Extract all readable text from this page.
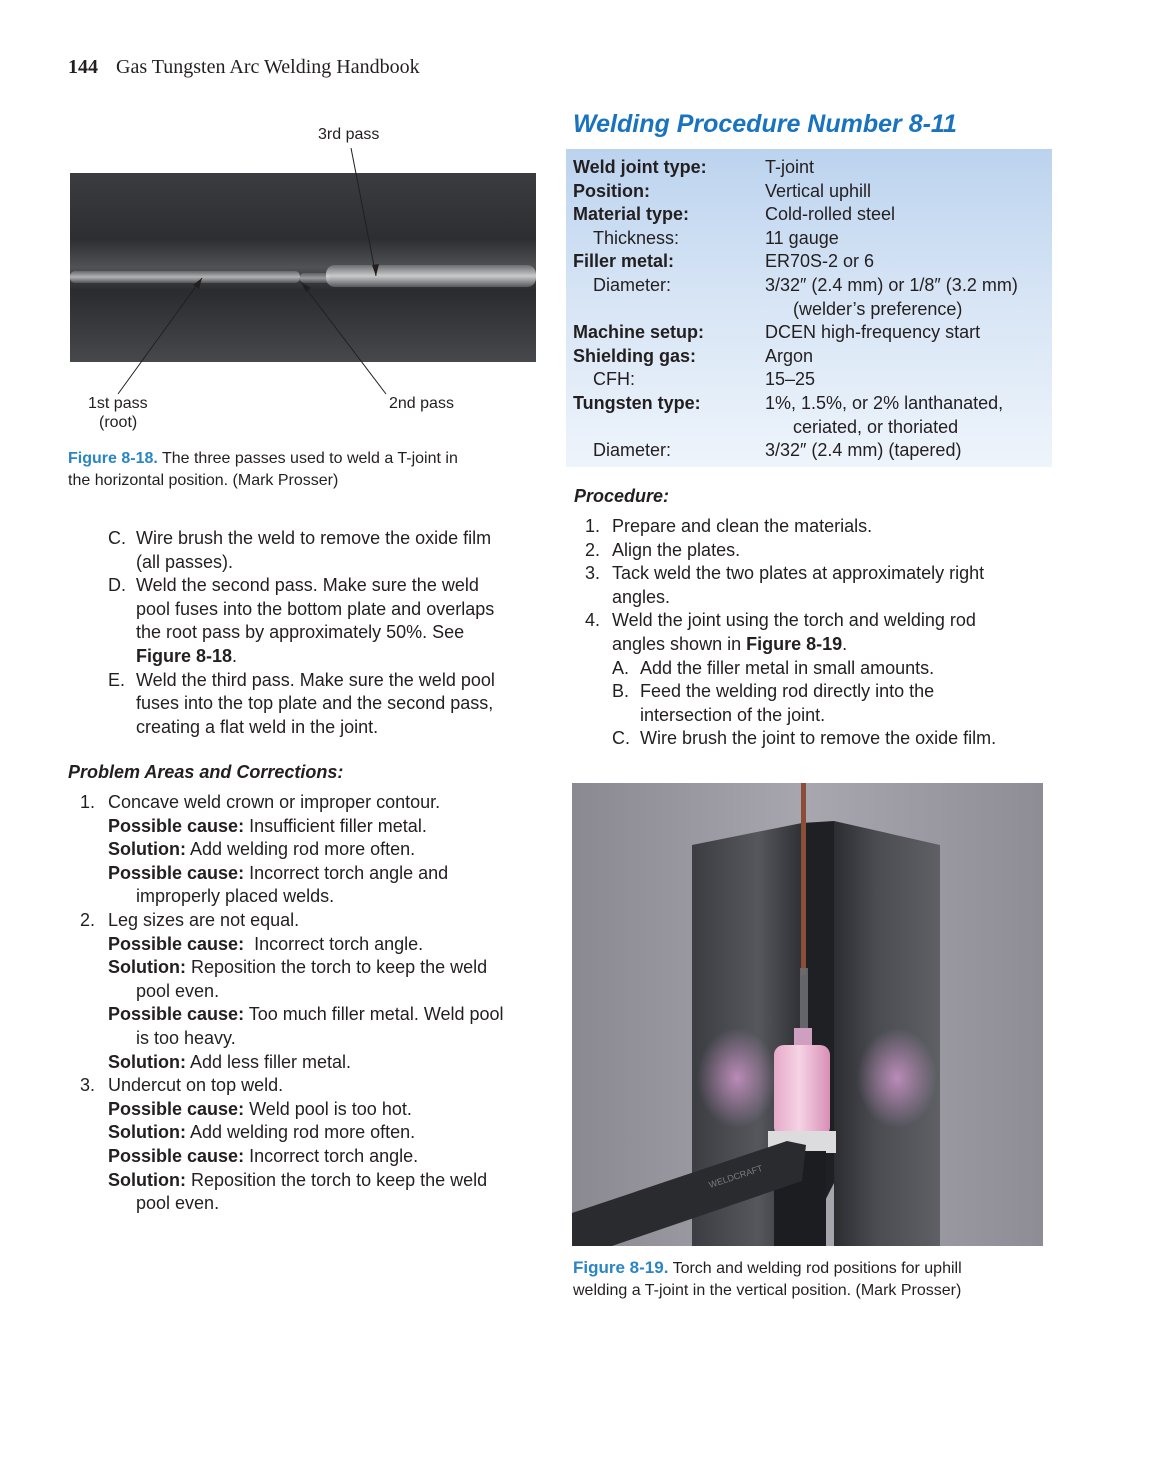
144 Gas Tungsten Arc Welding Handbook
3rd pass
1st pass
(root)
2nd pass
Figure 8-18. The three passes used to weld a T-joint in
the horizontal position. (Mark Prosser)
C. Wire brush the weld to remove the oxide film
(all passes).
D. Weld the second pass. Make sure the weld
pool fuses into the bottom plate and overlaps
the root pass by approximately 50%. See
Figure 8-18.
E. Weld the third pass. Make sure the weld pool
fuses into the top plate and the second pass,
creating a flat weld in the joint.
Problem Areas and Corrections:
1. Concave weld crown or improper contour.
Possible cause: Insufficient filler metal.
Solution: Add welding rod more often.
Possible cause: Incorrect torch angle and
improperly placed welds.
2. Leg sizes are not equal.
Possible cause:  Incorrect torch angle.
Solution: Reposition the torch to keep the weld
pool even.
Possible cause: Too much filler metal. Weld pool
is too heavy.
Solution: Add less filler metal.
3. Undercut on top weld.
Possible cause: Weld pool is too hot.
Solution: Add welding rod more often.
Possible cause: Incorrect torch angle.
Solution: Reposition the torch to keep the weld
pool even.
Welding Procedure Number 8-11
Weld joint type:	T-joint
Position:	Vertical uphill
Material type:	Cold-rolled steel
Thickness:	11 gauge
Filler metal:	ER70S-2 or 6
Diameter:	3/32″ (2.4 mm) or 1/8″ (3.2 mm)
(welder’s preference)
Machine setup:	DCEN high-frequency start
Shielding gas:	Argon
CFH:	15–25
Tungsten type:	1%, 1.5%, or 2% lanthanated,
ceriated, or thoriated
Diameter:	3/32″ (2.4 mm) (tapered)
Procedure:
1. Prepare and clean the materials.
2. Align the plates.
3. Tack weld the two plates at approximately right
angles.
4. Weld the joint using the torch and welding rod
angles shown in Figure 8-19.
A. Add the filler metal in small amounts.
B. Feed the welding rod directly into the
intersection of the joint.
C. Wire brush the joint to remove the oxide film.
WELDCRAFT
Figure 8-19. Torch and welding rod positions for uphill
welding a T-joint in the vertical position. (Mark Prosser)
